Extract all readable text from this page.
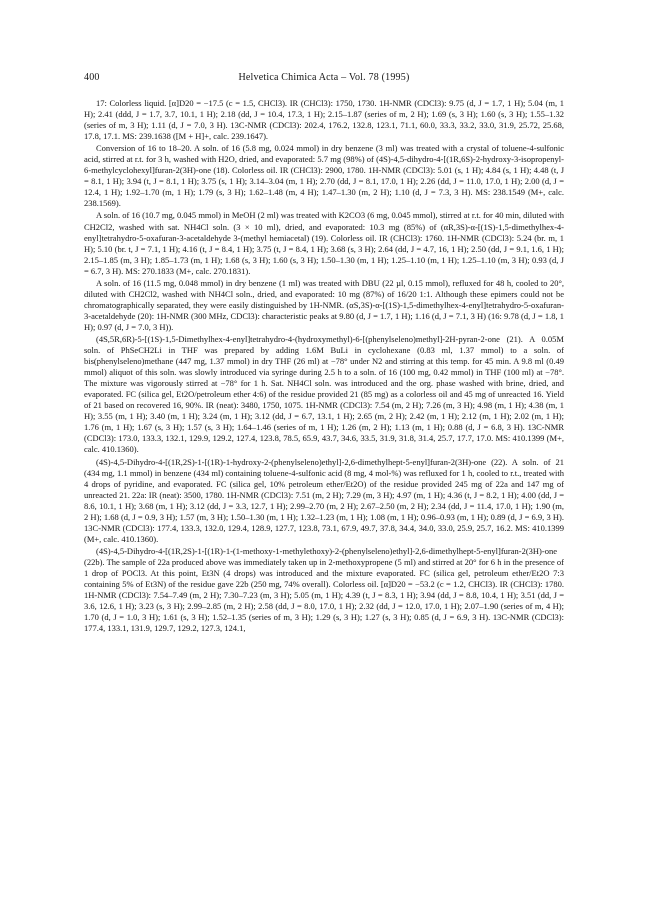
400	Helvetica Chimica Acta – Vol. 78 (1995)

17: Colorless liquid. [α]D20 = −17.5 (c = 1.5, CHCl3). IR (CHCl3): 1750, 1730. 1H-NMR (CDCl3): 9.75 (d, J = 1.7, 1 H); 5.04 (m, 1 H); 2.41 (ddd, J = 1.7, 3.7, 10.1, 1 H); 2.18 (dd, J = 10.4, 17.3, 1 H); 2.15–1.87 (series of m, 2 H); 1.69 (s, 3 H); 1.60 (s, 3 H); 1.55–1.32 (series of m, 3 H); 1.11 (d, J = 7.0, 3 H). 13C-NMR (CDCl3): 202.4, 176.2, 132.8, 123.1, 71.1, 60.0, 33.3, 33.2, 33.0, 31.9, 25.72, 25.68, 17.8, 17.1. MS: 239.1638 ([M + H]+, calc. 239.1647).

Conversion of 16 to 18–20. A soln. of 16 (5.8 mg, 0.024 mmol) in dry benzene (3 ml) was treated with a crystal of toluene-4-sulfonic acid, stirred at r.t. for 3 h, washed with H2O, dried, and evaporated: 5.7 mg (98%) of (4S)-4,5-dihydro-4-[(1R,6S)-2-hydroxy-3-isopropenyl-6-methylcyclohexyl]furan-2(3H)-one (18). Colorless oil. IR (CHCl3): 2900, 1780. 1H-NMR (CDCl3): 5.01 (s, 1 H); 4.84 (s, 1 H); 4.48 (t, J = 8.1, 1 H); 3.94 (t, J = 8.1, 1 H); 3.75 (s, 1 H); 3.14–3.04 (m, 1 H); 2.70 (dd, J = 8.1, 17.0, 1 H); 2.26 (dd, J = 11.0, 17.0, 1 H); 2.00 (d, J = 12.4, 1 H); 1.92–1.70 (m, 1 H); 1.79 (s, 3 H); 1.62–1.48 (m, 4 H); 1.47–1.30 (m, 2 H); 1.10 (d, J = 7.3, 3 H). MS: 238.1549 (M+, calc. 238.1569).

A soln. of 16 (10.7 mg, 0.045 mmol) in MeOH (2 ml) was treated with K2CO3 (6 mg, 0.045 mmol), stirred at r.t. for 40 min, diluted with CH2Cl2, washed with sat. NH4Cl soln. (3 × 10 ml), dried, and evaporated: 10.3 mg (85%) of (αR,3S)-α-[(1S)-1,5-dimethylhex-4-enyl]tetrahydro-5-oxafuran-3-acetaldehyde 3-(methyl hemiacetal) (19). Colorless oil. IR (CHCl3): 1760. 1H-NMR (CDCl3): 5.24 (br. m, 1 H); 5.10 (br. t, J = 7.1, 1 H); 4.16 (t, J = 8.4, 1 H); 3.75 (t, J = 8.4, 1 H); 3.68 (s, 3 H); 2.64 (dd, J = 4.7, 16, 1 H); 2.50 (dd, J = 9.1, 1.6, 1 H); 2.15–1.85 (m, 3 H); 1.85–1.73 (m, 1 H); 1.68 (s, 3 H); 1.60 (s, 3 H); 1.50–1.30 (m, 1 H); 1.25–1.10 (m, 1 H); 1.25–1.10 (m, 3 H); 0.93 (d, J = 6.7, 3 H). MS: 270.1833 (M+, calc. 270.1831).

A soln. of 16 (11.5 mg, 0.048 mmol) in dry benzene (1 ml) was treated with DBU (22 µl, 0.15 mmol), refluxed for 48 h, cooled to 20°, diluted with CH2Cl2, washed with NH4Cl soln., dried, and evaporated: 10 mg (87%) of 16/20 1:1. Although these epimers could not be chromatographically separated, they were easily distinguished by 1H-NMR. (αS,3S)-α-[(1S)-1,5-dimethylhex-4-enyl]tetrahydro-5-oxafuran-3-acetaldehyde (20): 1H-NMR (300 MHz, CDCl3): characteristic peaks at 9.80 (d, J = 1.7, 1 H); 1.16 (d, J = 7.1, 3 H) (16: 9.78 (d, J = 1.8, 1 H); 0.97 (d, J = 7.0, 3 H)).

(4S,5R,6R)-5-[(1S)-1,5-Dimethylhex-4-enyl]tetrahydro-4-(hydroxymethyl)-6-[(phenylseleno)methyl]-2H-pyran-2-one (21). A 0.05M soln. of PhSeCH2Li in THF was prepared by adding 1.6M BuLi in cyclohexane (0.83 ml, 1.37 mmol) to a soln. of bis(phenylseleno)methane (447 mg, 1.37 mmol) in dry THF (26 ml) at −78° under N2 and stirring at this temp. for 45 min. A 9.8 ml (0.49 mmol) aliquot of this soln. was slowly introduced via syringe during 2.5 h to a soln. of 16 (100 mg, 0.42 mmol) in THF (100 ml) at −78°. The mixture was vigorously stirred at −78° for 1 h. Sat. NH4Cl soln. was introduced and the org. phase washed with brine, dried, and evaporated. FC (silica gel, Et2O/petroleum ether 4:6) of the residue provided 21 (85 mg) as a colorless oil and 45 mg of unreacted 16. Yield of 21 based on recovered 16, 90%. IR (neat): 3480, 1750, 1075. 1H-NMR (CDCl3): 7.54 (m, 2 H); 7.26 (m, 3 H); 4.98 (m, 1 H); 4.38 (m, 1 H); 3.55 (m, 1 H); 3.40 (m, 1 H); 3.24 (m, 1 H); 3.12 (dd, J = 6.7, 13.1, 1 H); 2.65 (m, 2 H); 2.42 (m, 1 H); 2.12 (m, 1 H); 2.02 (m, 1 H); 1.76 (m, 1 H); 1.67 (s, 3 H); 1.57 (s, 3 H); 1.64–1.46 (series of m, 1 H); 1.26 (m, 2 H); 1.13 (m, 1 H); 0.88 (d, J = 6.8, 3 H). 13C-NMR (CDCl3): 173.0, 133.3, 132.1, 129.9, 129.2, 127.4, 123.8, 78.5, 65.9, 43.7, 34.6, 33.5, 31.9, 31.8, 31.4, 25.7, 17.7, 17.0. MS: 410.1399 (M+, calc. 410.1360).

(4S)-4,5-Dihydro-4-[(1R,2S)-1-[(1R)-1-hydroxy-2-(phenylseleno)ethyl]-2,6-dimethylhept-5-enyl]furan-2(3H)-one (22). A soln. of 21 (434 mg, 1.1 mmol) in benzene (434 ml) containing toluene-4-sulfonic acid (8 mg, 4 mol-%) was refluxed for 1 h, cooled to r.t., treated with 4 drops of pyridine, and evaporated. FC (silica gel, 10% petroleum ether/Et2O) of the residue provided 245 mg of 22a and 147 mg of unreacted 21. 22a: IR (neat): 3500, 1780. 1H-NMR (CDCl3): 7.51 (m, 2 H); 7.29 (m, 3 H); 4.97 (m, 1 H); 4.36 (t, J = 8.2, 1 H); 4.00 (dd, J = 8.6, 10.1, 1 H); 3.68 (m, 1 H); 3.12 (dd, J = 3.3, 12.7, 1 H); 2.99–2.70 (m, 2 H); 2.67–2.50 (m, 2 H); 2.34 (dd, J = 11.4, 17.0, 1 H); 1.90 (m, 2 H); 1.68 (d, J = 0.9, 3 H); 1.57 (m, 3 H); 1.50–1.30 (m, 1 H); 1.32–1.23 (m, 1 H); 1.08 (m, 1 H); 0.96–0.93 (m, 1 H); 0.89 (d, J = 6.9, 3 H). 13C-NMR (CDCl3): 177.4, 133.3, 132.0, 129.4, 128.9, 127.7, 123.8, 73.1, 67.9, 49.7, 37.8, 34.4, 34.0, 33.0, 25.9, 25.7, 16.2. MS: 410.1399 (M+, calc. 410.1360).

(4S)-4,5-Dihydro-4-[(1R,2S)-1-[(1R)-1-(1-methoxy-1-methylethoxy)-2-(phenylseleno)ethyl]-2,6-dimethylhept-5-enyl]furan-2(3H)-one (22b). The sample of 22a produced above was immediately taken up in 2-methoxypropene (5 ml) and stirred at 20° for 6 h in the presence of 1 drop of POCl3. At this point, Et3N (4 drops) was introduced and the mixture evaporated. FC (silica gel, petroleum ether/Et2O 7:3 containing 5% of Et3N) of the residue gave 22b (250 mg, 74% overall). Colorless oil. [α]D20 = −53.2 (c = 1.2, CHCl3). IR (CHCl3): 1780. 1H-NMR (CDCl3): 7.54–7.49 (m, 2 H); 7.30–7.23 (m, 3 H); 5.05 (m, 1 H); 4.39 (t, J = 8.3, 1 H); 3.94 (dd, J = 8.8, 10.4, 1 H); 3.51 (dd, J = 3.6, 12.6, 1 H); 3.23 (s, 3 H); 2.99–2.85 (m, 2 H); 2.58 (dd, J = 8.0, 17.0, 1 H); 2.32 (dd, J = 12.0, 17.0, 1 H); 2.07–1.90 (series of m, 4 H); 1.70 (d, J = 1.0, 3 H); 1.61 (s, 3 H); 1.52–1.35 (series of m, 3 H); 1.29 (s, 3 H); 1.27 (s, 3 H); 0.85 (d, J = 6.9, 3 H). 13C-NMR (CDCl3): 177.4, 133.1, 131.9, 129.7, 129.2, 127.3, 124.1,
